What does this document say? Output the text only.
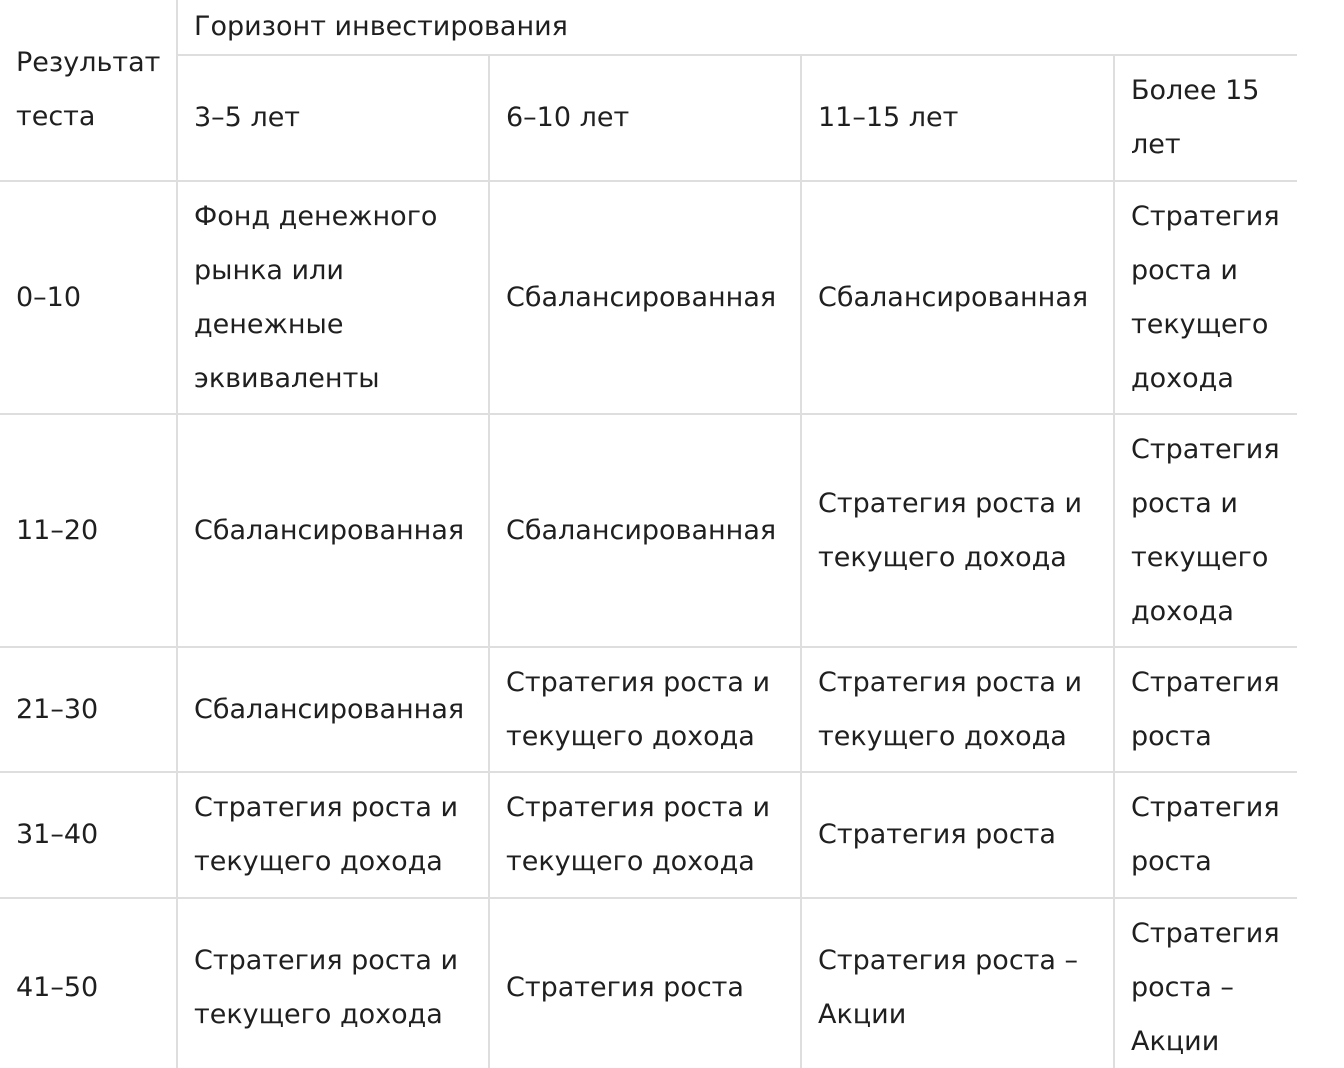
Результат теста	Горизонт инвестирования			
	3–5 лет	6–10 лет	11–15 лет	Более 15 лет
0–10	Фонд денежного рынка или денежные эквиваленты	Сбалансированная	Сбалансированная	Стратегия роста и текущего дохода
11–20	Сбалансированная	Сбалансированная	Стратегия роста и текущего дохода	Стратегия роста и текущего дохода
21–30	Сбалансированная	Стратегия роста и текущего дохода	Стратегия роста и текущего дохода	Стратегия роста
31–40	Стратегия роста и текущего дохода	Стратегия роста и текущего дохода	Стратегия роста	Стратегия роста
41–50	Стратегия роста и текущего дохода	Стратегия роста	Стратегия роста – Акции	Стратегия роста – Акции
